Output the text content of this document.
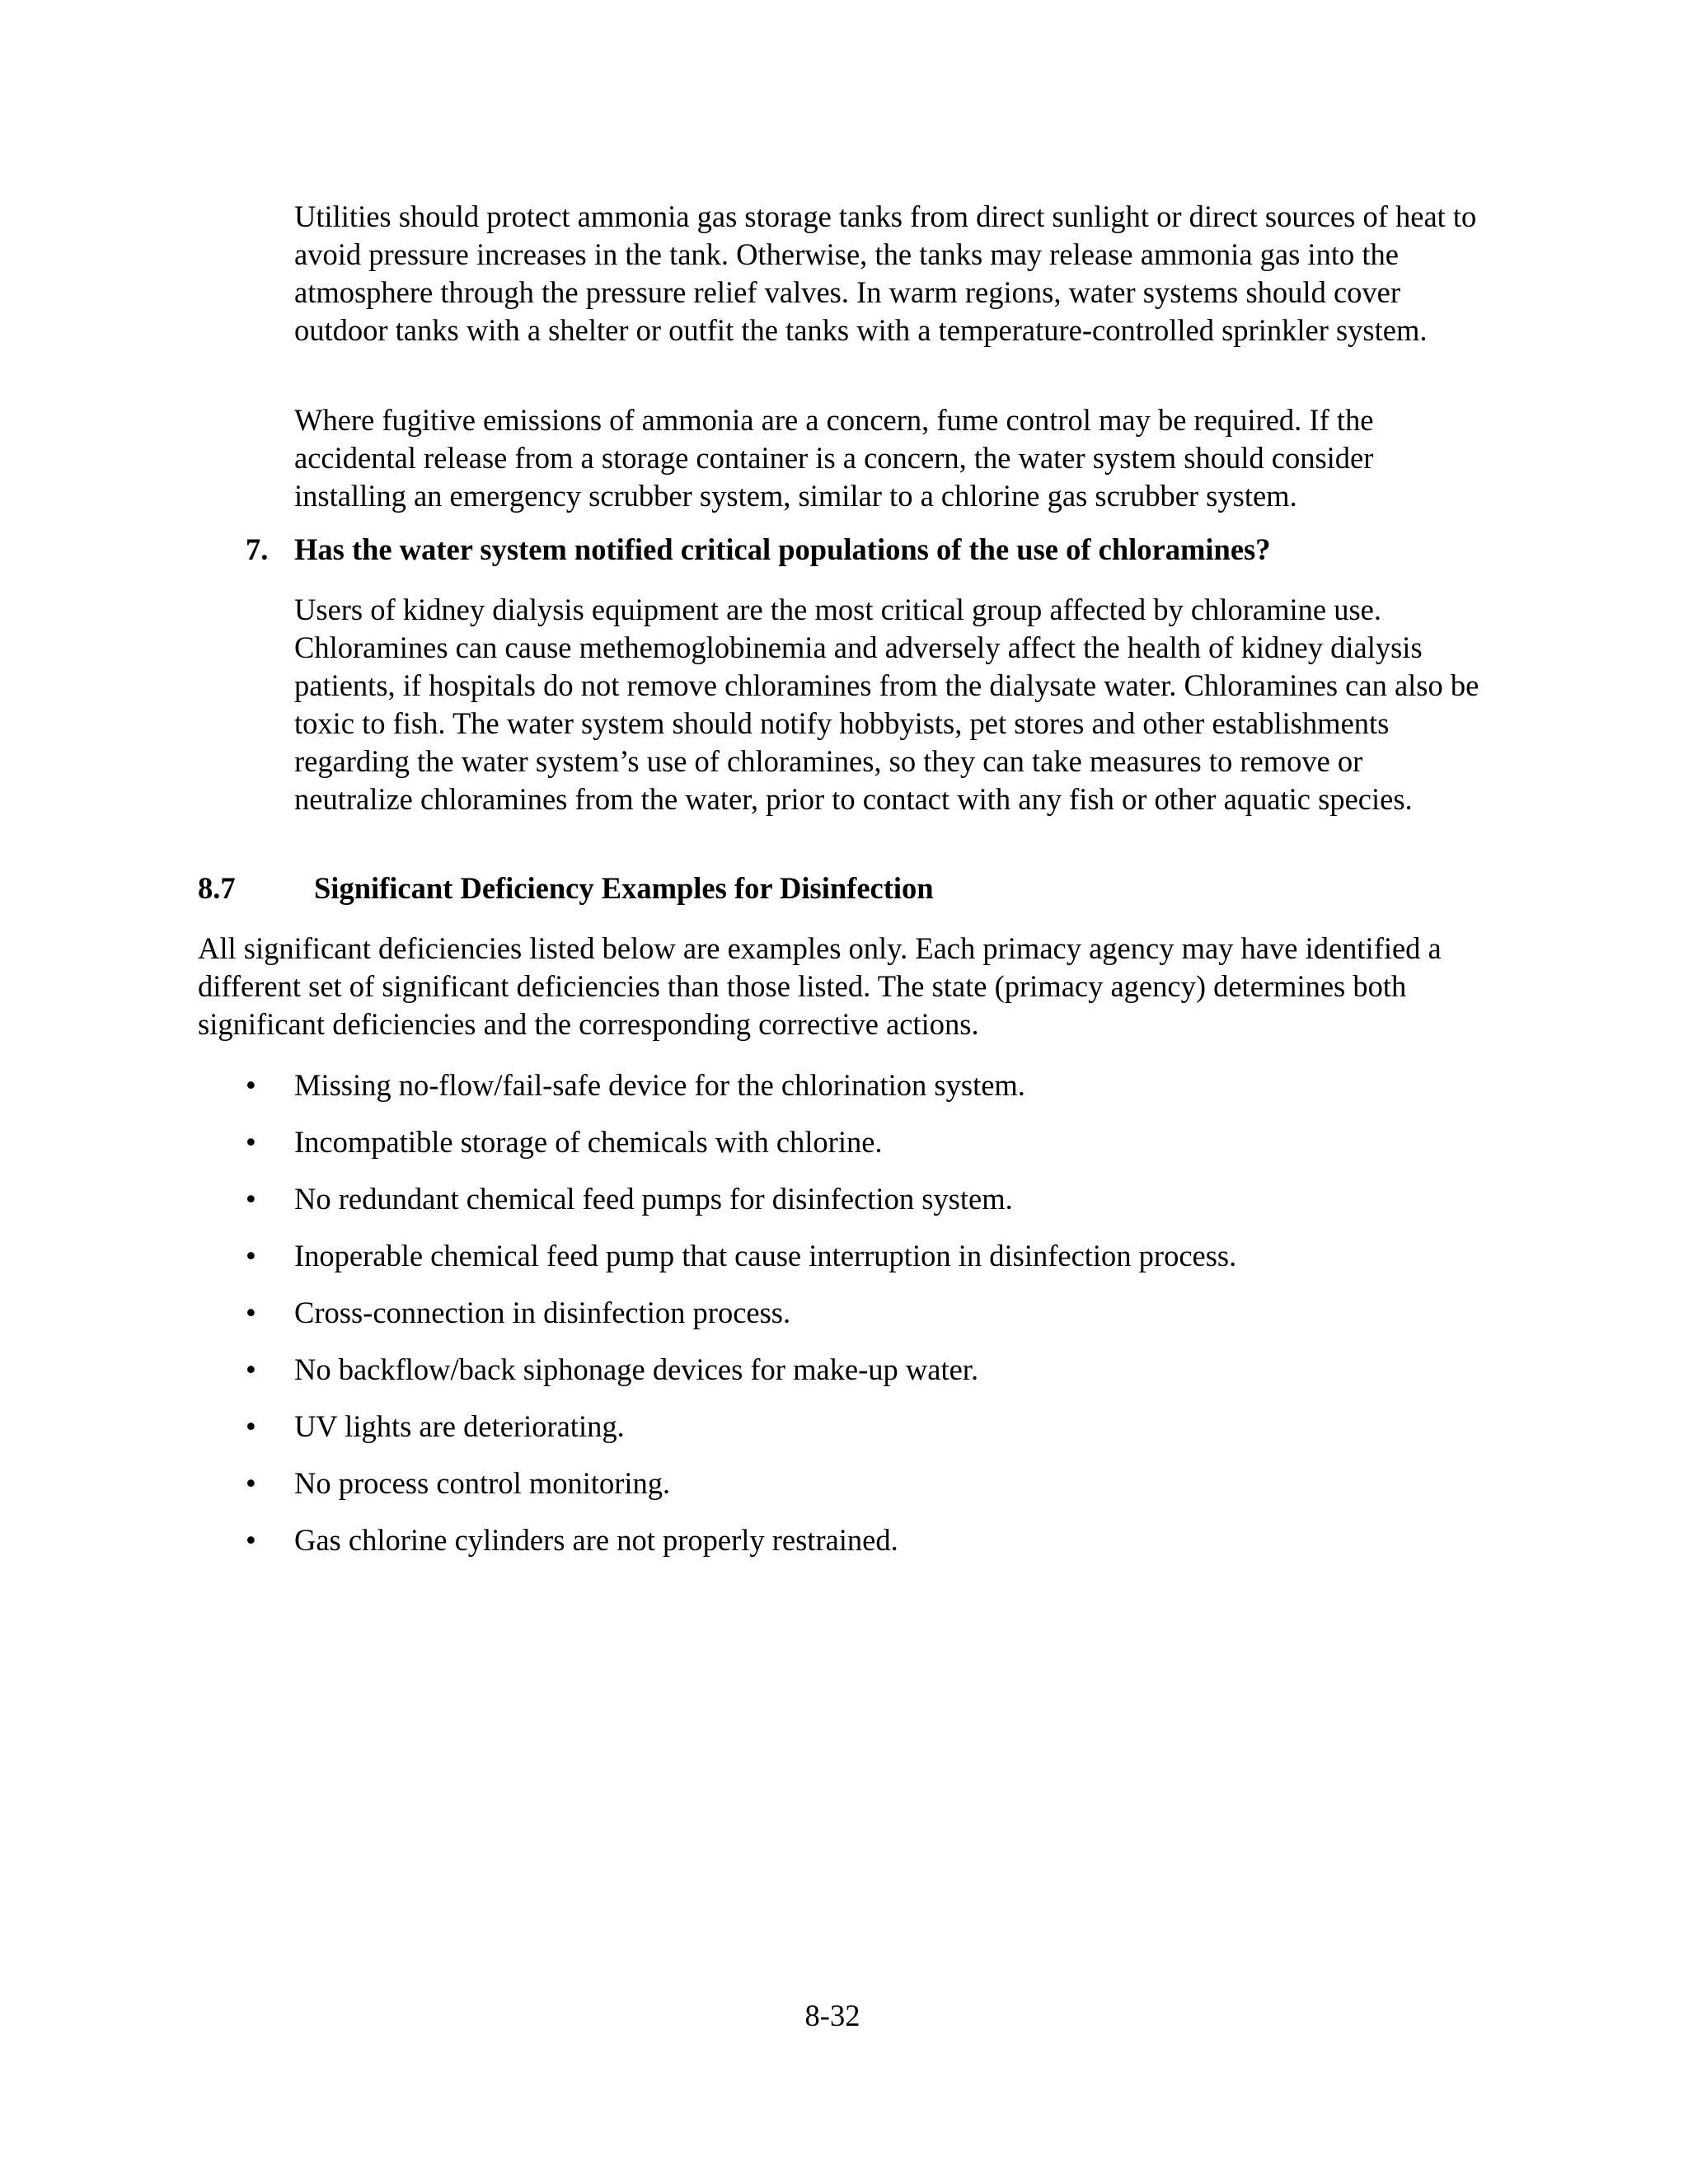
Utilities should protect ammonia gas storage tanks from direct sunlight or direct sources of heat to avoid pressure increases in the tank. Otherwise, the tanks may release ammonia gas into the atmosphere through the pressure relief valves. In warm regions, water systems should cover outdoor tanks with a shelter or outfit the tanks with a temperature-controlled sprinkler system.

Where fugitive emissions of ammonia are a concern, fume control may be required. If the accidental release from a storage container is a concern, the water system should consider installing an emergency scrubber system, similar to a chlorine gas scrubber system.

7. Has the water system notified critical populations of the use of chloramines?

Users of kidney dialysis equipment are the most critical group affected by chloramine use. Chloramines can cause methemoglobinemia and adversely affect the health of kidney dialysis patients, if hospitals do not remove chloramines from the dialysate water. Chloramines can also be toxic to fish. The water system should notify hobbyists, pet stores and other establishments regarding the water system’s use of chloramines, so they can take measures to remove or neutralize chloramines from the water, prior to contact with any fish or other aquatic species.

8.7	Significant Deficiency Examples for Disinfection

All significant deficiencies listed below are examples only. Each primacy agency may have identified a different set of significant deficiencies than those listed. The state (primacy agency) determines both significant deficiencies and the corresponding corrective actions.

• Missing no-flow/fail-safe device for the chlorination system.
• Incompatible storage of chemicals with chlorine.
• No redundant chemical feed pumps for disinfection system.
• Inoperable chemical feed pump that cause interruption in disinfection process.
• Cross-connection in disinfection process.
• No backflow/back siphonage devices for make-up water.
• UV lights are deteriorating.
• No process control monitoring.
• Gas chlorine cylinders are not properly restrained.
8-32
